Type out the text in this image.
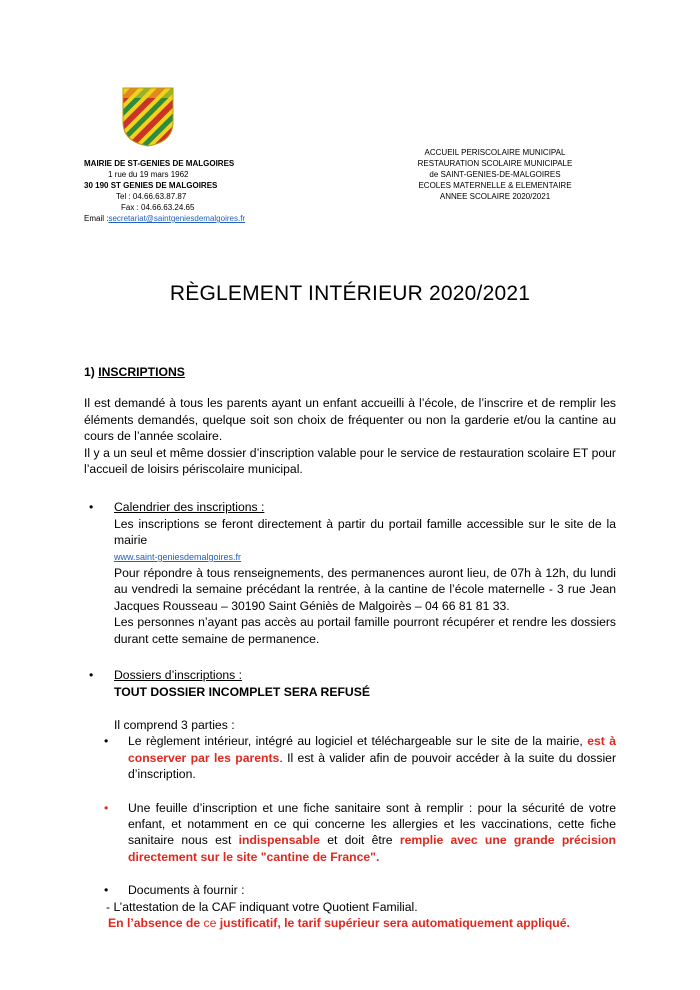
MAIRIE DE ST-GENIES DE MALGOIRES
1 rue du 19 mars 1962
30 190 ST GENIES DE MALGOIRES
Tel : 04.66.63.87.87
Fax : 04.66.63.24.65
Email :secretariat@saintgeniesdemalgoires.fr
ACCUEIL PERISCOLAIRE MUNICIPAL
RESTAURATION SCOLAIRE MUNICIPALE
de SAINT-GENIES-DE-MALGOIRES
ECOLES MATERNELLE & ELEMENTAIRE
ANNEE SCOLAIRE 2020/2021
RÈGLEMENT INTÉRIEUR 2020/2021
1) INSCRIPTIONS

Il est demandé à tous les parents ayant un enfant accueilli à l’école, de l’inscrire et de remplir les éléments demandés, quelque soit son choix de fréquenter ou non la garderie et/ou la cantine au cours de l’année scolaire.

Il y a un seul et même dossier d’inscription valable pour le service de restauration scolaire ET pour l’accueil de loisirs périscolaire municipal.

• Calendrier des inscriptions :
Les inscriptions se feront directement à partir du portail famille accessible sur le site de la mairie
www.saint-geniesdemalgoires.fr
Pour répondre à tous renseignements, des permanences auront lieu, de 07h à 12h, du lundi au vendredi la semaine précédant la rentrée, à la cantine de l’école maternelle - 3 rue Jean Jacques Rousseau – 30190 Saint Géniès de Malgoirès – 04 66 81 81 33.
Les personnes n’ayant pas accès au portail famille pourront récupérer et rendre les dossiers durant cette semaine de permanence.
• Dossiers d’inscriptions :
TOUT DOSSIER INCOMPLET SERA REFUSÉ
Il comprend 3 parties :
• Le règlement intérieur, intégré au logiciel et téléchargeable sur le site de la mairie, est à conserver par les parents. Il est à valider afin de pouvoir accéder à la suite du dossier d’inscription.
• Une feuille d’inscription et une fiche sanitaire sont à remplir : pour la sécurité de votre enfant, et notamment en ce qui concerne les allergies et les vaccinations, cette fiche sanitaire nous est indispensable et doit être remplie avec une grande précision directement sur le site "cantine de France".
• Documents à fournir :
- L’attestation de la CAF indiquant votre Quotient Familial.
En l’absence de ce justificatif, le tarif supérieur sera automatiquement appliqué.
